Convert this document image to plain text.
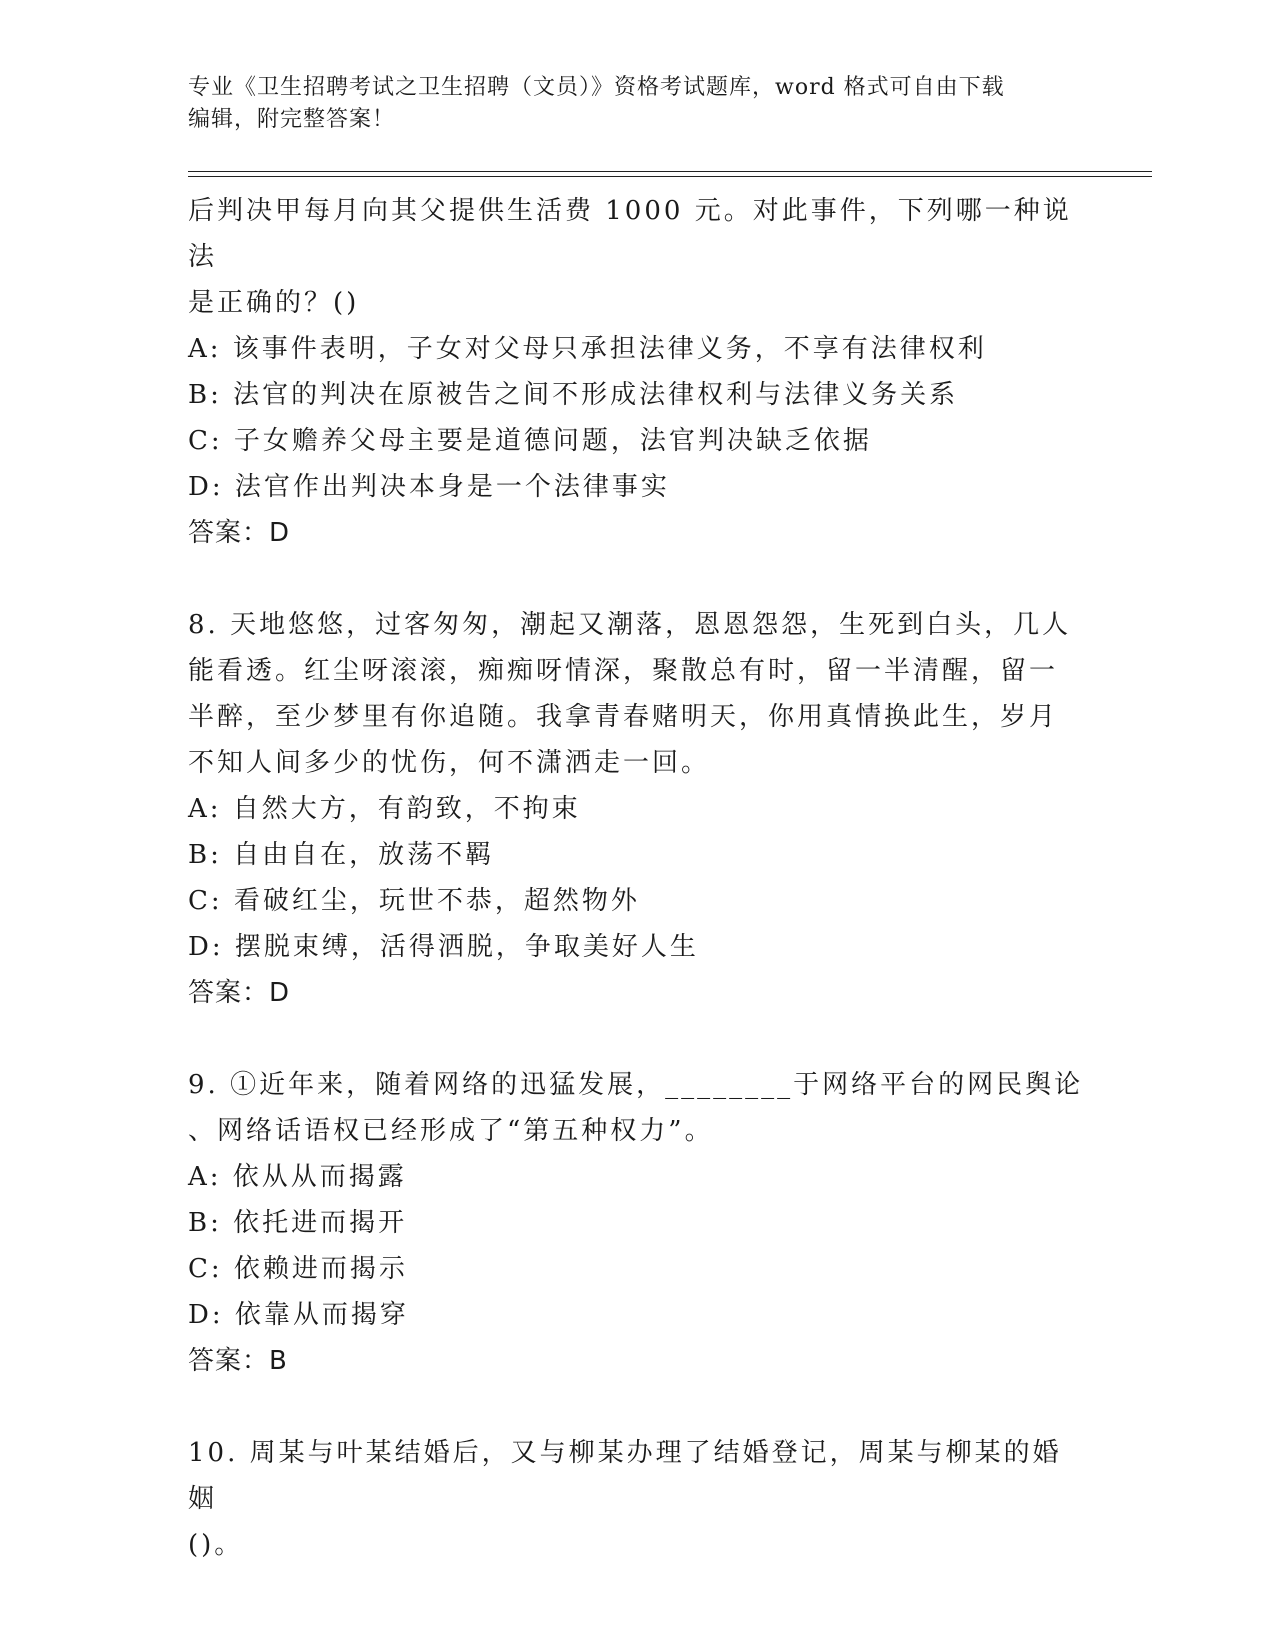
专业《卫生招聘考试之卫生招聘（文员）》资格考试题库，word 格式可自由下载
编辑，附完整答案！

后判决甲每月向其父提供生活费 1000 元。对此事件，下列哪一种说法

是正确的？()

A: 该事件表明，子女对父母只承担法律义务，不享有法律权利

B: 法官的判决在原被告之间不形成法律权利与法律义务关系

C: 子女赡养父母主要是道德问题，法官判决缺乏依据

D: 法官作出判决本身是一个法律事实

答案：D

8. 天地悠悠，过客匆匆，潮起又潮落，恩恩怨怨，生死到白头，几人

能看透。红尘呀滚滚，痴痴呀情深，聚散总有时，留一半清醒，留一

半醉，至少梦里有你追随。我拿青春赌明天，你用真情换此生，岁月

不知人间多少的忧伤，何不潇洒走一回。

A: 自然大方，有韵致，不拘束

B: 自由自在，放荡不羁

C: 看破红尘，玩世不恭，超然物外

D: 摆脱束缚，活得洒脱，争取美好人生

答案：D

9. ①近年来，随着网络的迅猛发展，________于网络平台的网民舆论

、网络话语权已经形成了“第五种权力”。

A: 依从从而揭露

B: 依托进而揭开

C: 依赖进而揭示

D: 依靠从而揭穿

答案：B

10. 周某与叶某结婚后，又与柳某办理了结婚登记，周某与柳某的婚姻

()。
